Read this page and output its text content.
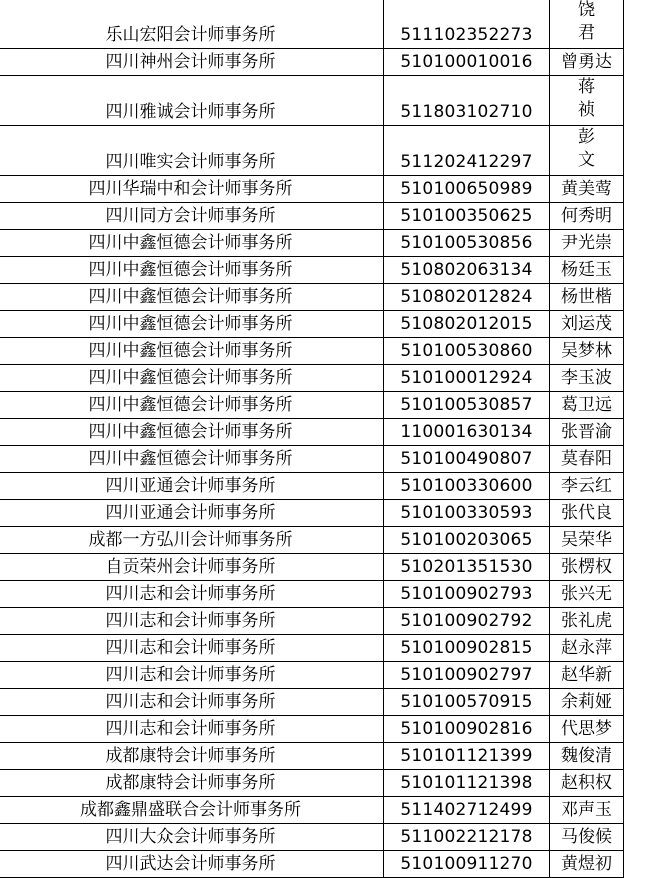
乐山宏阳会计师事务所	511102352273	饶
君

四川神州会计师事务所	510100010016	曾勇达
四川雅诚会计师事务所	511803102710	蒋
祯

四川唯实会计师事务所	511202412297	彭
文

四川华瑞中和会计师事务所	510100650989	黄美莺
四川同方会计师事务所	510100350625	何秀明
四川中鑫恒德会计师事务所	510100530856	尹光崇
四川中鑫恒德会计师事务所	510802063134	杨廷玉
四川中鑫恒德会计师事务所	510802012824	杨世楷
四川中鑫恒德会计师事务所	510802012015	刘运茂
四川中鑫恒德会计师事务所	510100530860	吴梦林
四川中鑫恒德会计师事务所	510100012924	李玉波
四川中鑫恒德会计师事务所	510100530857	葛卫远
四川中鑫恒德会计师事务所	110001630134	张晋渝
四川中鑫恒德会计师事务所	510100490807	莫春阳
四川亚通会计师事务所	510100330600	李云红
四川亚通会计师事务所	510100330593	张代良
成都一方弘川会计师事务所	510100203065	吴荣华
自贡荣州会计师事务所	510201351530	张楞权
四川志和会计师事务所	510100902793	张兴无
四川志和会计师事务所	510100902792	张礼虎
四川志和会计师事务所	510100902815	赵永萍
四川志和会计师事务所	510100902797	赵华新
四川志和会计师事务所	510100570915	余莉娅
四川志和会计师事务所	510100902816	代思梦
成都康特会计师事务所	510101121399	魏俊清
成都康特会计师事务所	510101121398	赵积权
成都鑫鼎盛联合会计师事务所	511402712499	邓声玉
四川大众会计师事务所	511002212178	马俊候
四川武达会计师事务所	510100911270	黄煜初
